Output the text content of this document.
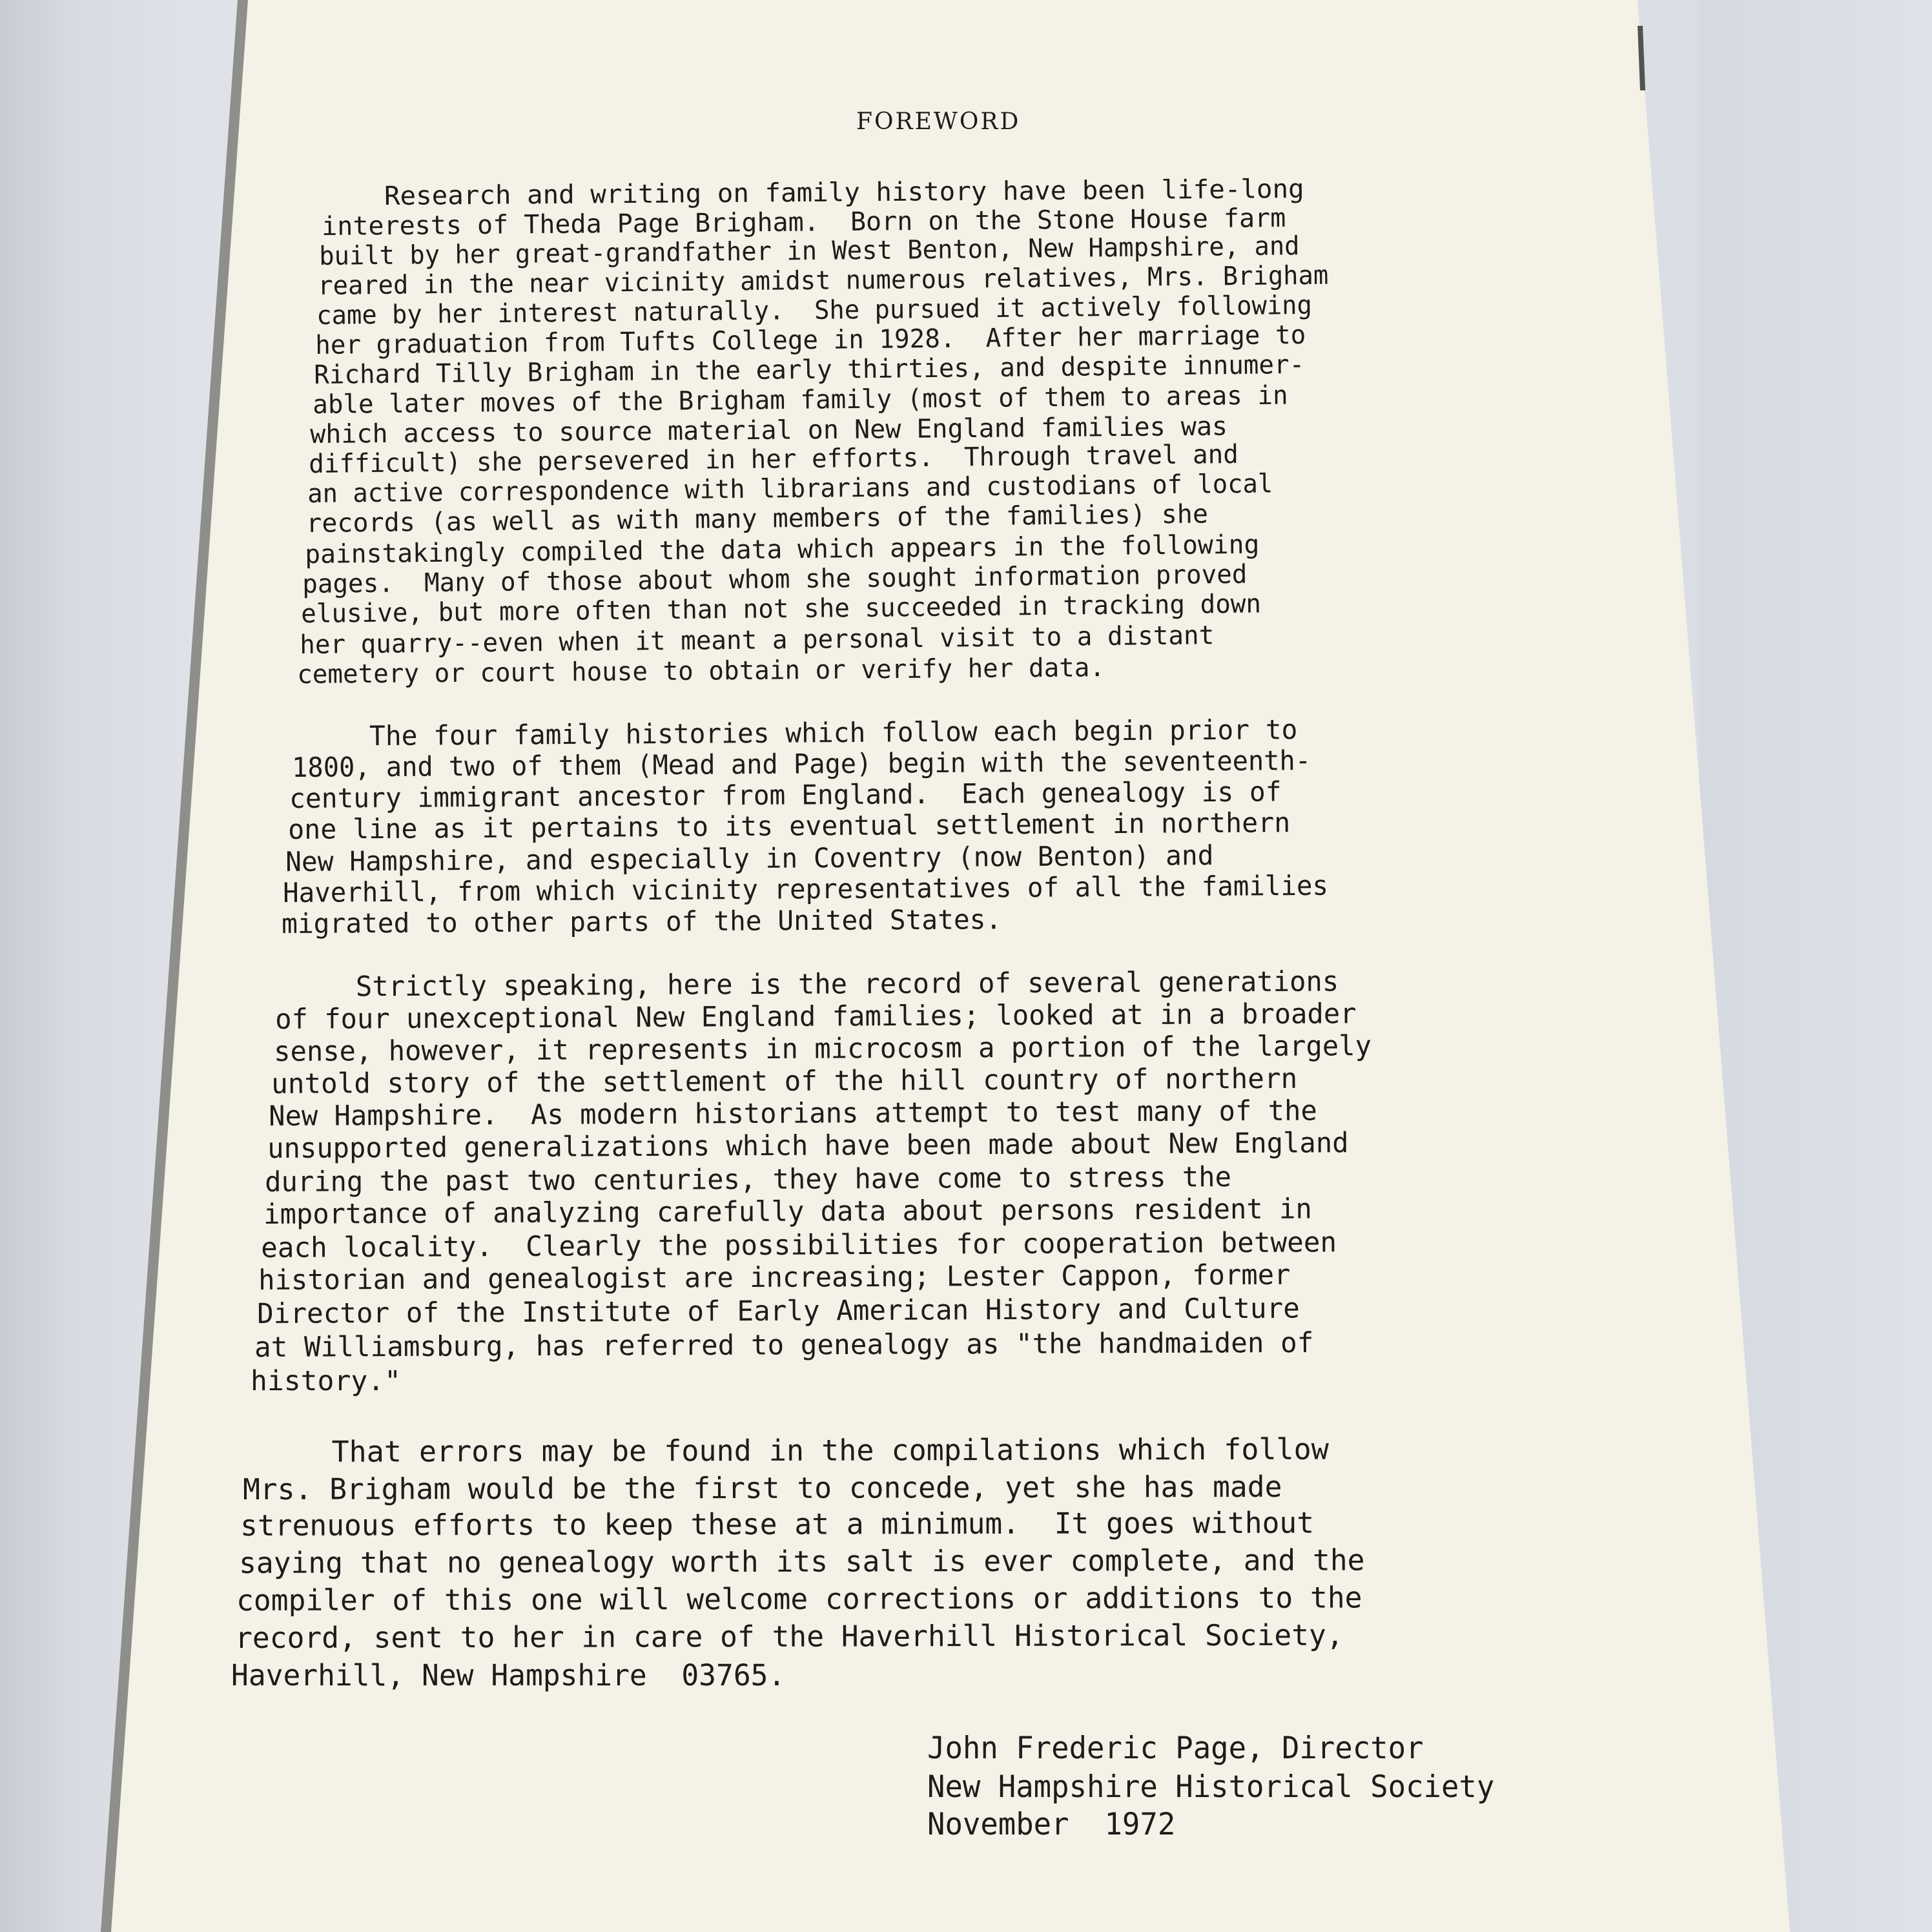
FOREWORD
Research and writing on family history have been life-long
interests of Theda Page Brigham.  Born on the Stone House farm
built by her great-grandfather in West Benton, New Hampshire, and
reared in the near vicinity amidst numerous relatives, Mrs. Brigham
came by her interest naturally.  She pursued it actively following
her graduation from Tufts College in 1928.  After her marriage to
Richard Tilly Brigham in the early thirties, and despite innumer-
able later moves of the Brigham family (most of them to areas in
which access to source material on New England families was
difficult) she persevered in her efforts.  Through travel and
an active correspondence with librarians and custodians of local
records (as well as with many members of the families) she
painstakingly compiled the data which appears in the following
pages.  Many of those about whom she sought information proved
elusive, but more often than not she succeeded in tracking down
her quarry--even when it meant a personal visit to a distant
cemetery or court house to obtain or verify her data.
The four family histories which follow each begin prior to
1800, and two of them (Mead and Page) begin with the seventeenth-
century immigrant ancestor from England.  Each genealogy is of
one line as it pertains to its eventual settlement in northern
New Hampshire, and especially in Coventry (now Benton) and
Haverhill, from which vicinity representatives of all the families
migrated to other parts of the United States.
Strictly speaking, here is the record of several generations
of four unexceptional New England families; looked at in a broader
sense, however, it represents in microcosm a portion of the largely
untold story of the settlement of the hill country of northern
New Hampshire.  As modern historians attempt to test many of the
unsupported generalizations which have been made about New England
during the past two centuries, they have come to stress the
importance of analyzing carefully data about persons resident in
each locality.  Clearly the possibilities for cooperation between
historian and genealogist are increasing; Lester Cappon, former
Director of the Institute of Early American History and Culture
at Williamsburg, has referred to genealogy as "the handmaiden of
history."
That errors may be found in the compilations which follow
Mrs. Brigham would be the first to concede, yet she has made
strenuous efforts to keep these at a minimum.  It goes without
saying that no genealogy worth its salt is ever complete, and the
compiler of this one will welcome corrections or additions to the
record, sent to her in care of the Haverhill Historical Society,
Haverhill, New Hampshire  03765.
John Frederic Page, Director
New Hampshire Historical Society
November  1972
